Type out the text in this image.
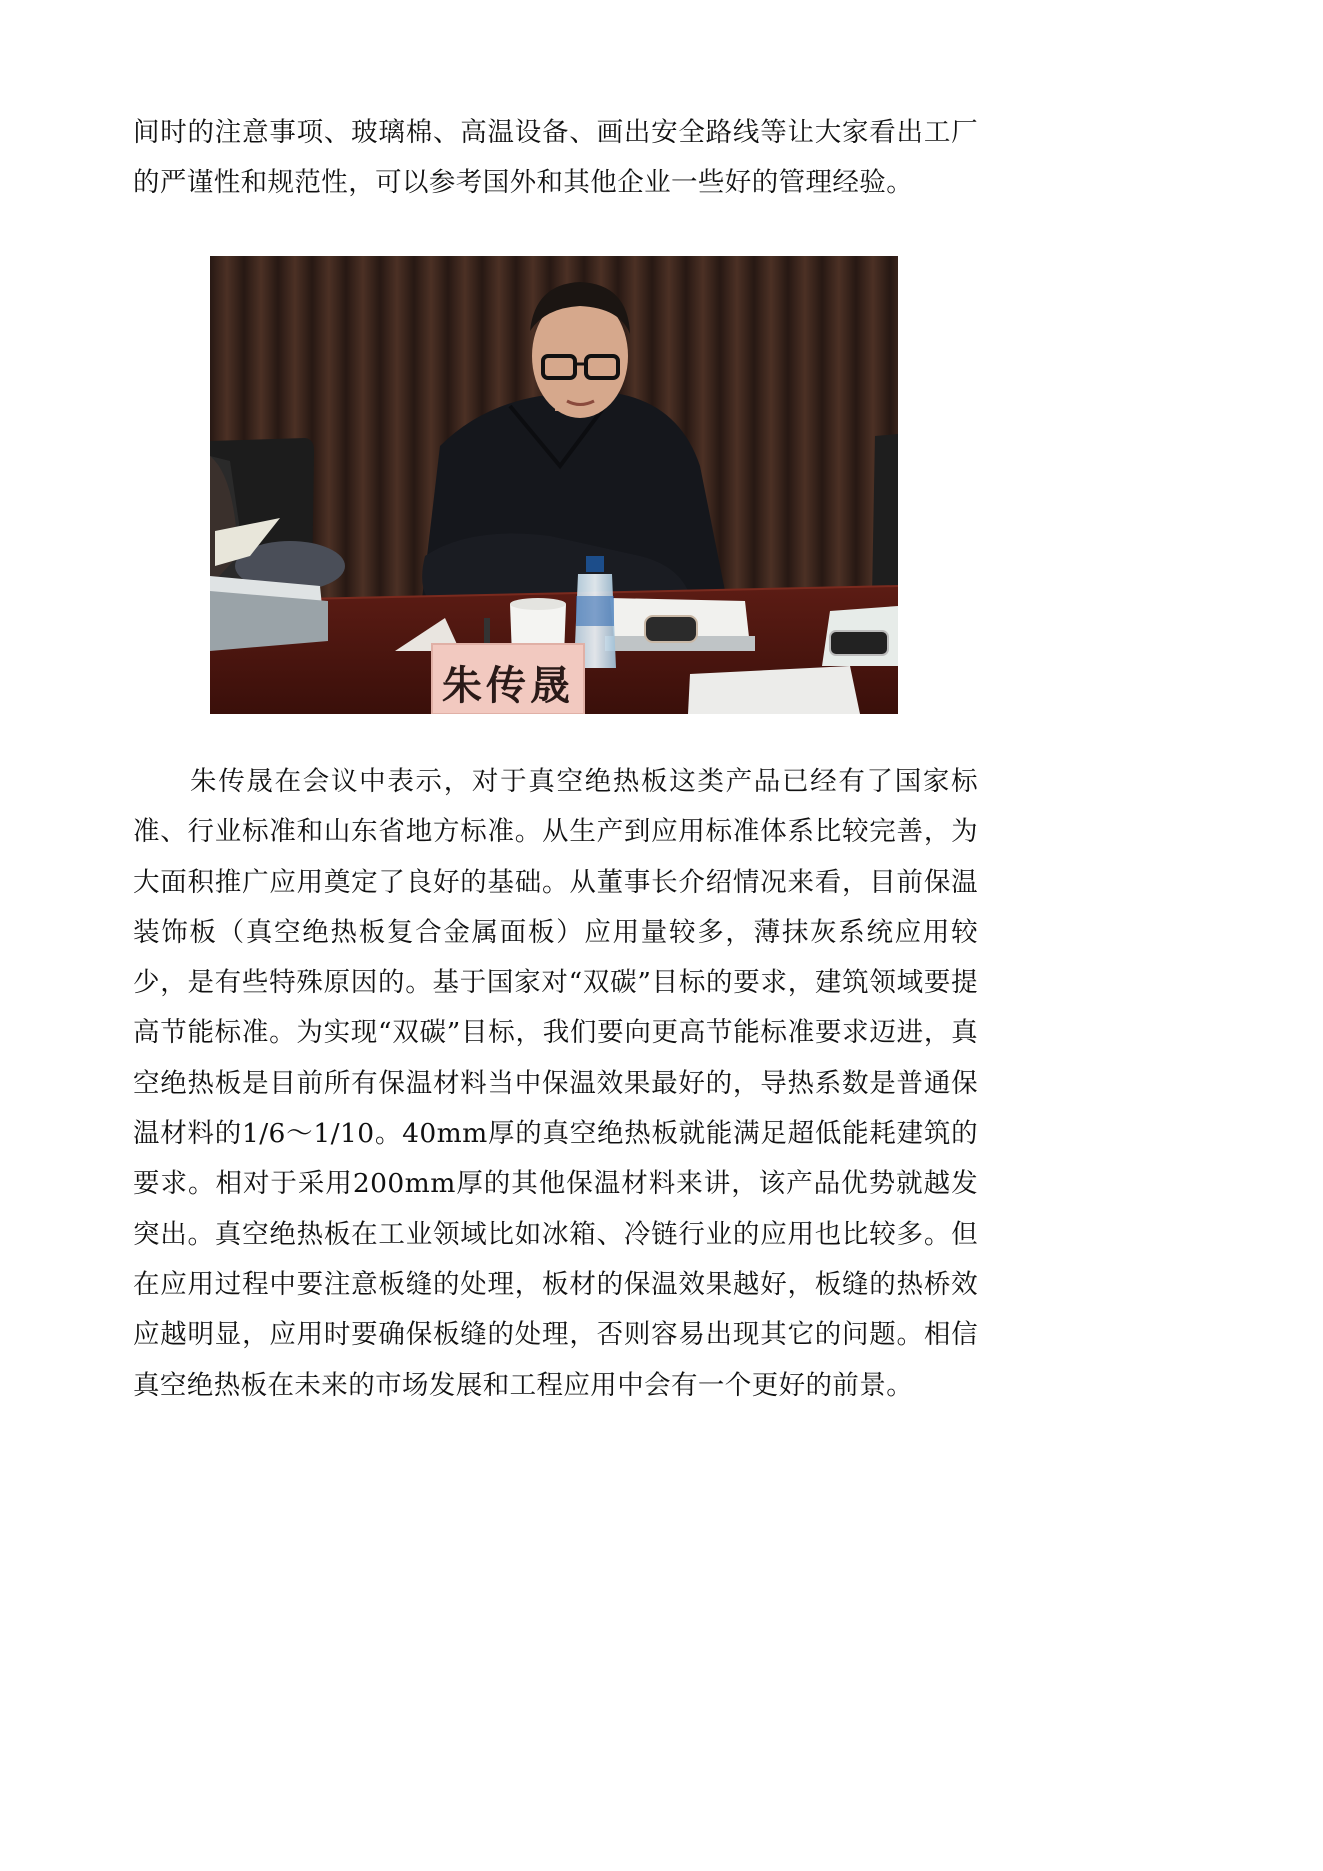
间时的注意事项、玻璃棉、高温设备、画出安全路线等让大家看出工厂的严谨性和规范性，可以参考国外和其他企业一些好的管理经验。

朱传晟

朱传晟在会议中表示，对于真空绝热板这类产品已经有了国家标准、行业标准和山东省地方标准。从生产到应用标准体系比较完善，为大面积推广应用奠定了良好的基础。从董事长介绍情况来看，目前保温装饰板（真空绝热板复合金属面板）应用量较多，薄抹灰系统应用较少，是有些特殊原因的。基于国家对“双碳”目标的要求，建筑领域要提高节能标准。为实现“双碳”目标，我们要向更高节能标准要求迈进，真空绝热板是目前所有保温材料当中保温效果最好的，导热系数是普通保温材料的1/6～1/10。40mm厚的真空绝热板就能满足超低能耗建筑的要求。相对于采用200mm厚的其他保温材料来讲，该产品优势就越发突出。真空绝热板在工业领域比如冰箱、冷链行业的应用也比较多。但在应用过程中要注意板缝的处理，板材的保温效果越好，板缝的热桥效应越明显，应用时要确保板缝的处理，否则容易出现其它的问题。相信真空绝热板在未来的市场发展和工程应用中会有一个更好的前景。
